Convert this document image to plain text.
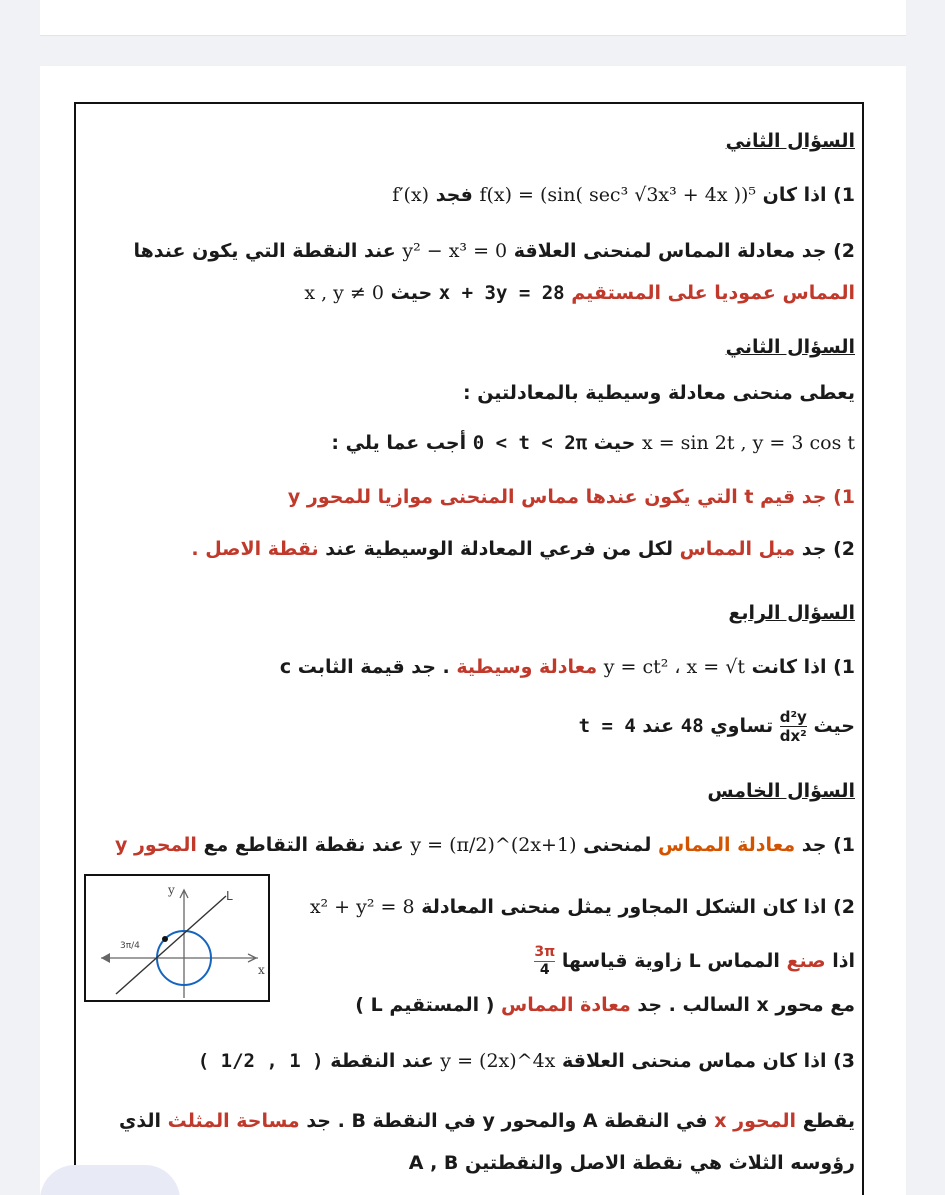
السؤال الثاني
1) اذا كان f(x) = (sin( sec³ √3x³ + 4x ))⁵ فجد f′(x)
2) جد معادلة المماس لمنحنى العلاقة y² − x³ = 0 عند النقطة التي يكون عندها
المماس عموديا على المستقيم x + 3y = 28 حيث x , y ≠ 0
السؤال الثاني
يعطى منحنى معادلة وسيطية بالمعادلتين :
x = sin 2t , y = 3 cos t حيث 0 < t < 2π أجب عما يلي :
1) جد قيم t التي يكون عندها مماس المنحنى موازيا للمحور y
2) جد ميل المماس لكل من فرعي المعادلة الوسيطية عند نقطة الاصل .
السؤال الرابع
1) اذا كانت y = ct² ، x = √t معادلة وسيطية . جد قيمة الثابت c
حيث
$\frac{\text{d²y}}{\text{dx²}}$
تساوي 48 عند t = 4
السؤال الخامس
1) جد معادلة المماس لمنحنى y = (π/2)^(2x+1) عند نقطة التقاطع مع المحور y
2) اذا كان الشكل المجاور يمثل منحنى المعادلة x² + y² = 8
اذا صنع المماس L زاوية قياسها
$\frac{3\pi}{4}$
مع محور x السالب . جد معادة المماس ( المستقيم L )
3) اذا كان مماس منحنى العلاقة y = (2x)^4x عند النقطة ( 1/2 , 1 )
يقطع المحور x في النقطة A والمحور y في النقطة B . جد مساحة المثلث الذي
رؤوسه الثلاث هي نقطة الاصل والنقطتين A , B
y	L
x
3π/4
